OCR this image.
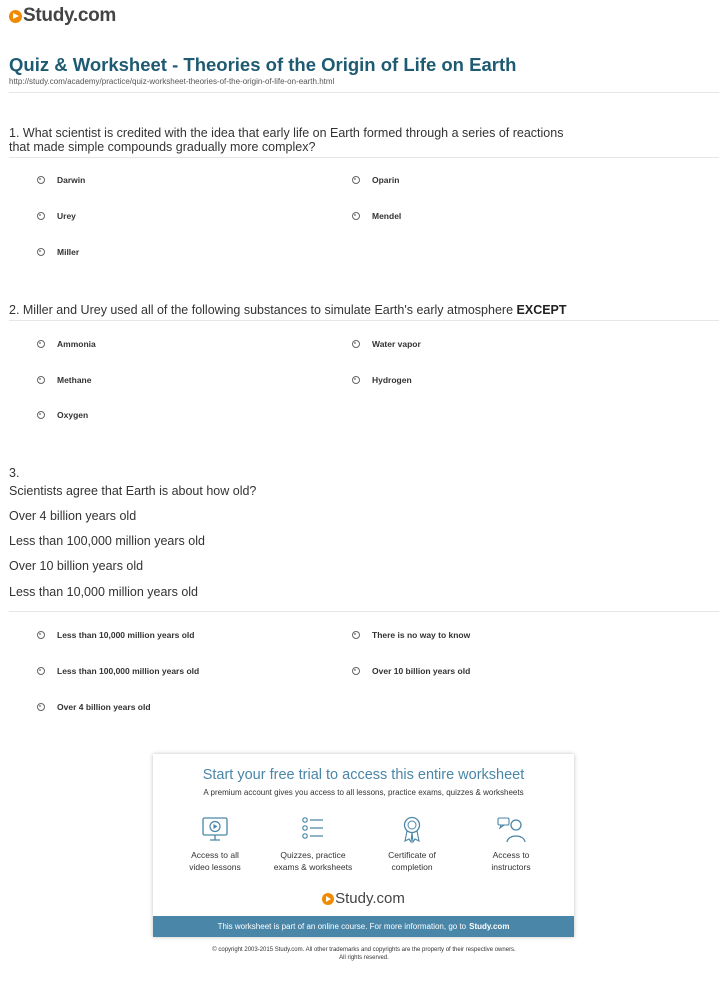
Study.com
Quiz & Worksheet - Theories of the Origin of Life on Earth
http://study.com/academy/practice/quiz-worksheet-theories-of-the-origin-of-life-on-earth.html
1. What scientist is credited with the idea that early life on Earth formed through a series of reactions
that made simple compounds gradually more complex?
Darwin	Oparin
Urey	Mendel
Miller
2. Miller and Urey used all of the following substances to simulate Earth's early atmosphere EXCEPT
Ammonia	Water vapor
Methane	Hydrogen
Oxygen
3.
Scientists agree that Earth is about how old?
Over 4 billion years old
Less than 100,000 million years old
Over 10 billion years old
Less than 10,000 million years old
Less than 10,000 million years old	There is no way to know
Less than 100,000 million years old	Over 10 billion years old
Over 4 billion years old
Start your free trial to access this entire worksheet
A premium account gives you access to all lessons, practice exams, quizzes & worksheets
Access to all
video lessons
Quizzes, practice
exams & worksheets
Certificate of
completion
Access to
instructors
Study.com
This worksheet is part of an online course. For more information, go to Study.com
© copyright 2003-2015 Study.com. All other trademarks and copyrights are the property of their respective owners.
All rights reserved.
